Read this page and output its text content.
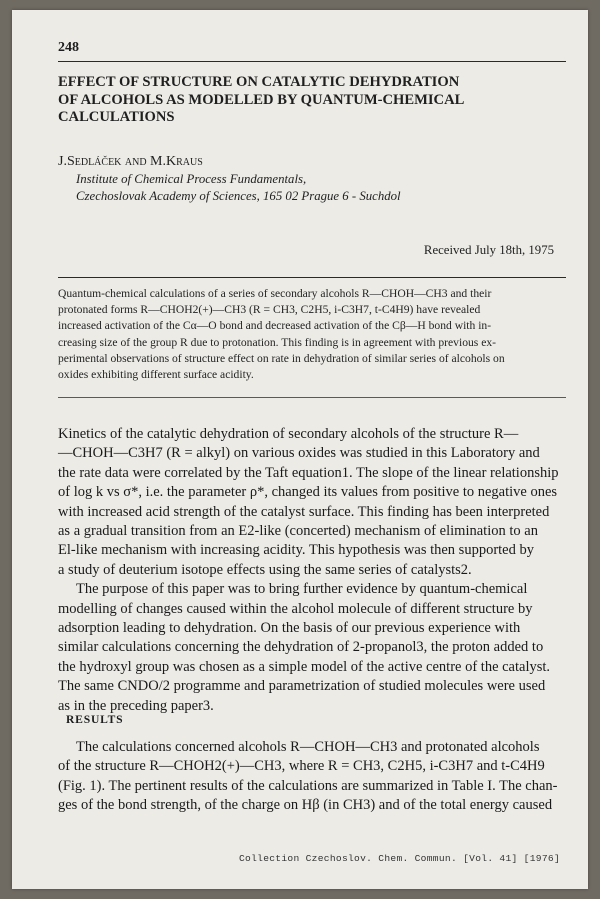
248
EFFECT OF STRUCTURE ON CATALYTIC DEHYDRATION
OF ALCOHOLS AS MODELLED BY QUANTUM-CHEMICAL
CALCULATIONS
J.Sedláček and M.Kraus
Institute of Chemical Process Fundamentals,
Czechoslovak Academy of Sciences, 165 02 Prague 6 - Suchdol
Received July 18th, 1975
Quantum-chemical calculations of a series of secondary alcohols R—CHOH—CH3 and their
protonated forms R—CHOH2(+)—CH3 (R = CH3, C2H5, i-C3H7, t-C4H9) have revealed
increased activation of the Cα—O bond and decreased activation of the Cβ—H bond with in-
creasing size of the group R due to protonation. This finding is in agreement with previous ex-
perimental observations of structure effect on rate in dehydration of similar series of alcohols on
oxides exhibiting different surface acidity.
Kinetics of the catalytic dehydration of secondary alcohols of the structure R—
—CHOH—C3H7 (R = alkyl) on various oxides was studied in this Laboratory and
the rate data were correlated by the Taft equation1. The slope of the linear relationship
of log k vs σ*, i.e. the parameter ρ*, changed its values from positive to negative ones
with increased acid strength of the catalyst surface. This finding has been interpreted
as a gradual transition from an E2-like (concerted) mechanism of elimination to an
El-like mechanism with increasing acidity. This hypothesis was then supported by
a study of deuterium isotope effects using the same series of catalysts2.
The purpose of this paper was to bring further evidence by quantum-chemical
modelling of changes caused within the alcohol molecule of different structure by
adsorption leading to dehydration. On the basis of our previous experience with
similar calculations concerning the dehydration of 2-propanol3, the proton added to
the hydroxyl group was chosen as a simple model of the active centre of the catalyst.
The same CNDO/2 programme and parametrization of studied molecules were used
as in the preceding paper3.
RESULTS
The calculations concerned alcohols R—CHOH—CH3 and protonated alcohols
of the structure R—CHOH2(+)—CH3, where R = CH3, C2H5, i-C3H7 and t-C4H9
(Fig. 1). The pertinent results of the calculations are summarized in Table I. The chan-
ges of the bond strength, of the charge on Hβ (in CH3) and of the total energy caused
Collection Czechoslov. Chem. Commun. [Vol. 41] [1976]
